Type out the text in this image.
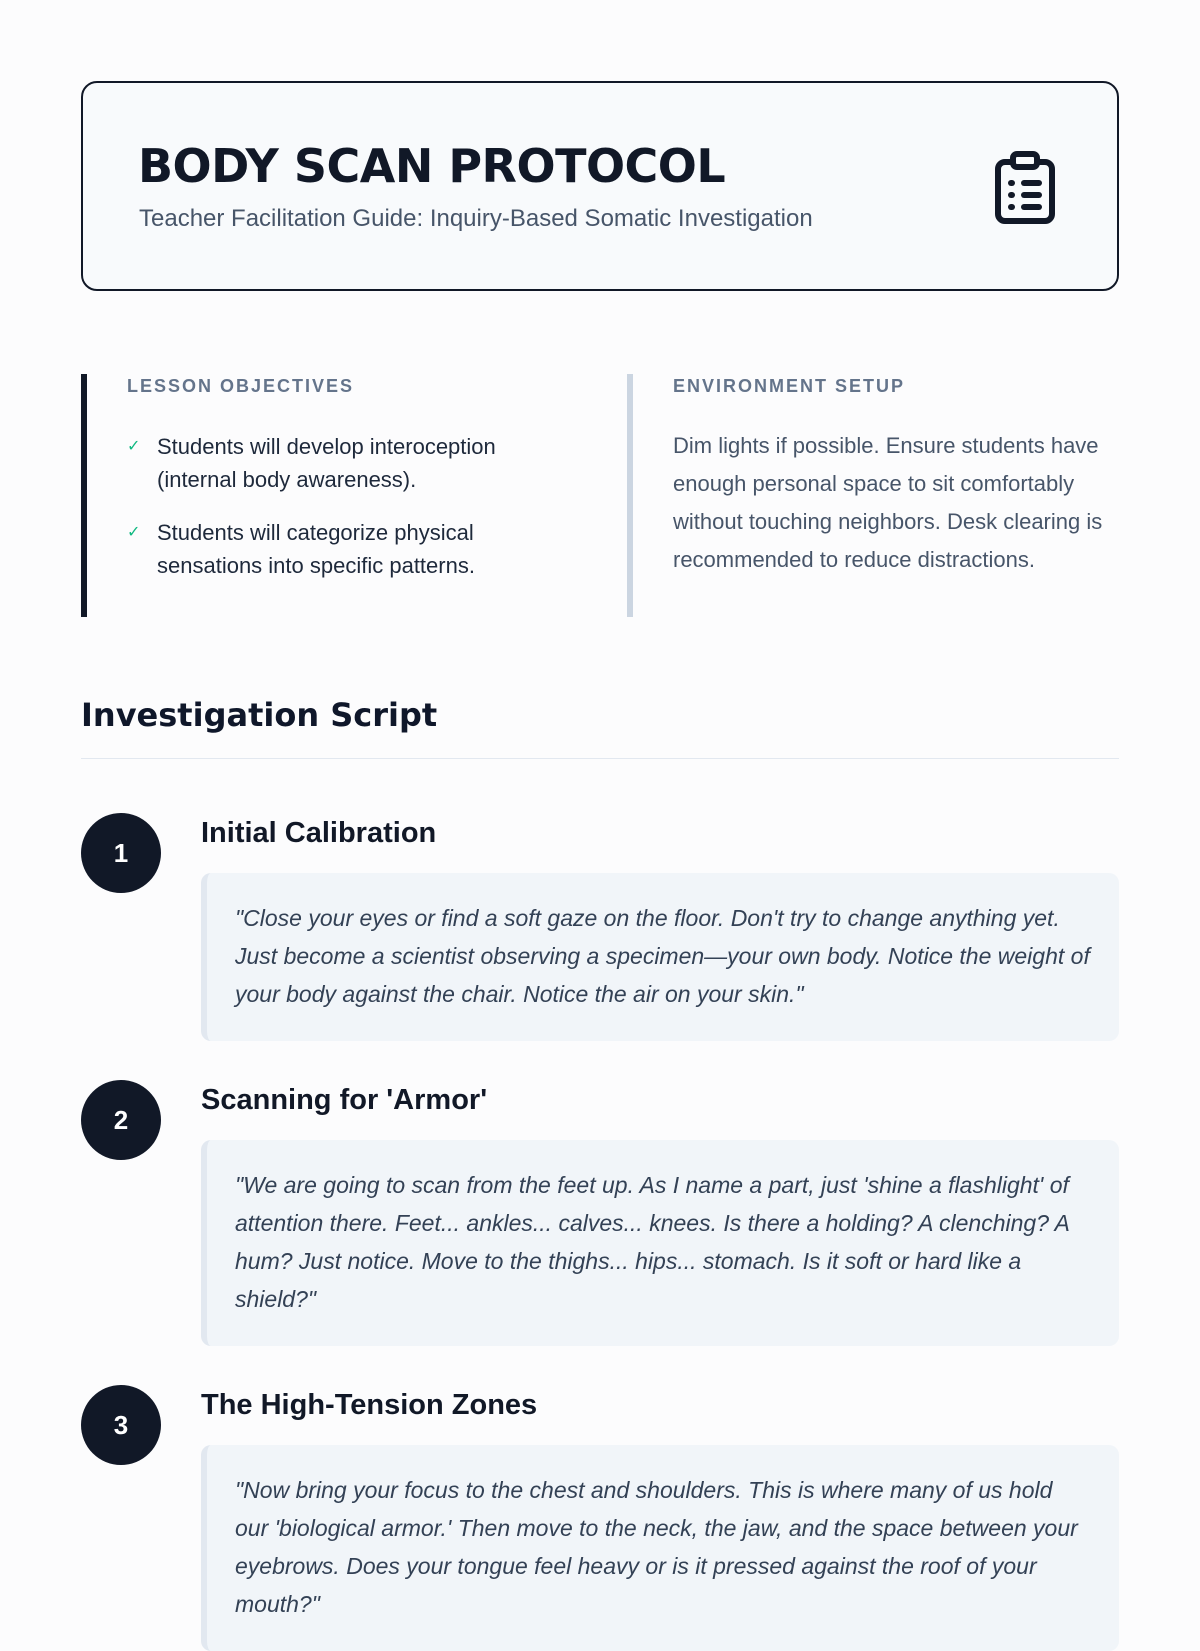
BODY SCAN PROTOCOL

Teacher Facilitation Guide: Inquiry-Based Somatic Investigation

LESSON OBJECTIVES
✓ Students will develop interoception (internal body awareness).
✓ Students will categorize physical sensations into specific patterns.
ENVIRONMENT SETUP

Dim lights if possible. Ensure students have enough personal space to sit comfortably without touching neighbors. Desk clearing is recommended to reduce distractions.

Investigation Script
1
Initial Calibration

"Close your eyes or find a soft gaze on the floor. Don't try to change anything yet. Just become a scientist observing a specimen—your own body. Notice the weight of your body against the chair. Notice the air on your skin."

2
Scanning for 'Armor'

"We are going to scan from the feet up. As I name a part, just 'shine a flashlight' of attention there. Feet... ankles... calves... knees. Is there a holding? A clenching? A hum? Just notice. Move to the thighs... hips... stomach. Is it soft or hard like a shield?"

3
The High-Tension Zones

"Now bring your focus to the chest and shoulders. This is where many of us hold our 'biological armor.' Then move to the neck, the jaw, and the space between your eyebrows. Does your tongue feel heavy or is it pressed against the roof of your mouth?"
